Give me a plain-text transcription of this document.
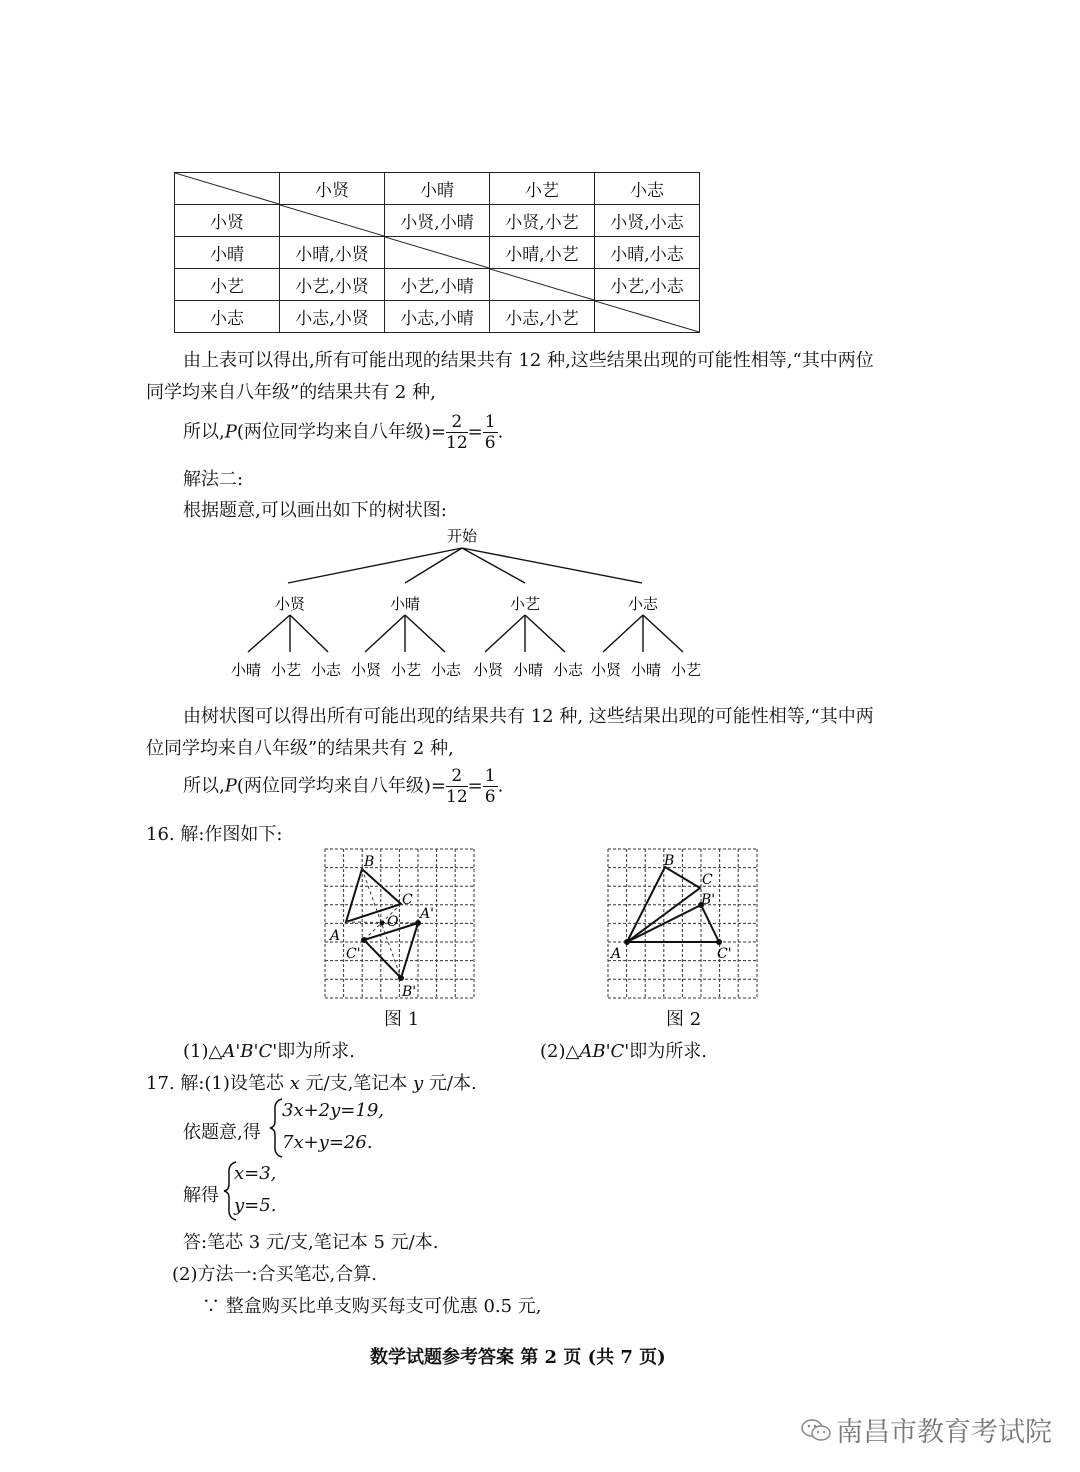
	小贤	小晴	小艺	小志
小贤		小贤,小晴	小贤,小艺	小贤,小志
小晴	小晴,小贤		小晴,小艺	小晴,小志
小艺	小艺,小贤	小艺,小晴		小艺,小志
小志	小志,小贤	小志,小晴	小志,小艺	
由上表可以得出,所有可能出现的结果共有 12 种,这些结果出现的可能性相等,“其中两位
同学均来自八年级”的结果共有 2 种,
所以,P(两位同学均来自八年级)= $\frac{2}{12} = \frac{1}{6}$ .
解法二:
根据题意,可以画出如下的树状图:
开始
小贤	小晴	小艺	小志
小晴 小艺 小志 小贤 小艺 小志 小贤 小晴 小志 小贤 小晴 小艺
由树状图可以得出所有可能出现的结果共有 12 种, 这些结果出现的可能性相等,“其中两
位同学均来自八年级”的结果共有 2 种,
所以,P(两位同学均来自八年级)= $\frac{2}{12} = \frac{1}{6}$ .
16. 解:作图如下:
A
B
C
O A'
C'
B'
图 1
A
B
C
B'
C'
图 2
(1)△A'B'C'即为所求.	(2)△AB'C'即为所求.
17. 解:(1)设笔芯 x 元/支,笔记本 y 元/本.
依题意,得
3x+2y=19,
7x+y=26.
解得
x=3,
y=5.
答:笔芯 3 元/支,笔记本 5 元/本.
(2)方法一:合买笔芯,合算.
∵ 整盒购买比单支购买每支可优惠 0.5 元,
数学试题参考答案 第 2 页 (共 7 页)
南昌市教育考试院
